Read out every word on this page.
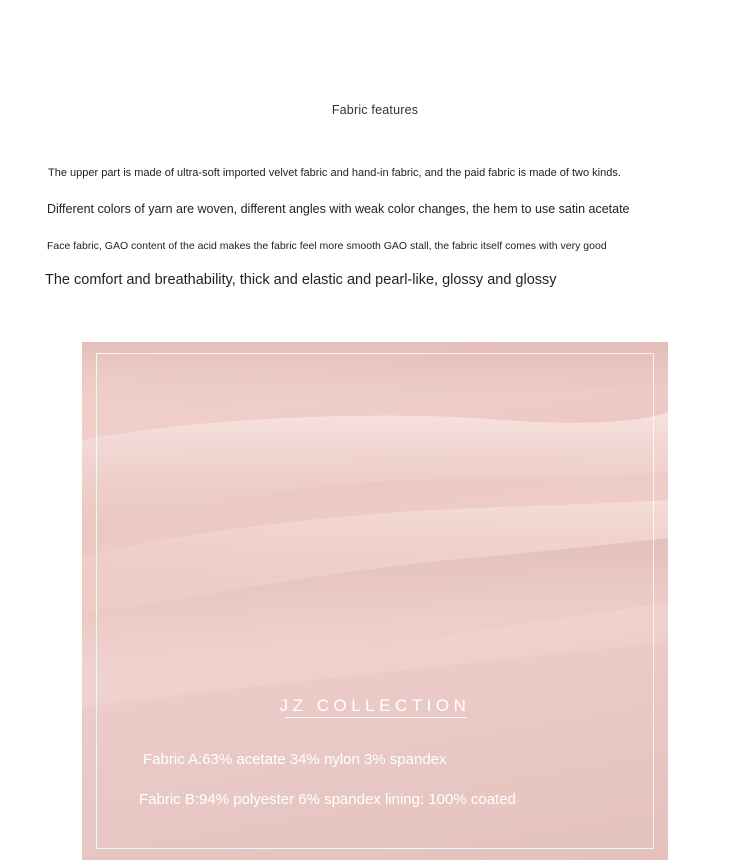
Fabric features
The upper part is made of ultra-soft imported velvet fabric and hand-in fabric, and the paid fabric is made of two kinds.
Different colors of yarn are woven, different angles with weak color changes, the hem to use satin acetate
Face fabric, GAO content of the acid makes the fabric feel more smooth GAO stall, the fabric itself comes with very good
The comfort and breathability, thick and elastic and pearl-like, glossy and glossy
JZ COLLECTION
Fabric A:63% acetate 34% nylon 3% spandex
Fabric B:94% polyester 6% spandex lining: 100% coated
